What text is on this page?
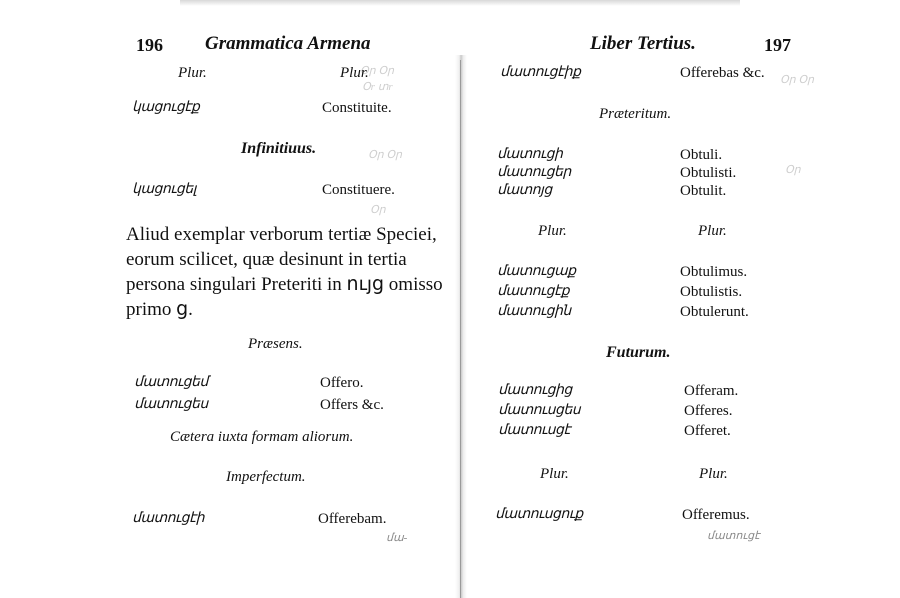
Օր Օր
Օr տr
Օր Օր
Օր
Օր Օր
Օր
196 Grammatica Armena
Plur.	Plur.
կացուցէք	Constituite.
Infinitiuus.
կացուցել	Constituere.
Aliud exemplar verborum tertiæ Speciei, eorum scilicet, quæ desinunt in tertia persona singulari Preteriti in ույց omisso primo ց.
Præsens.
մատուցեմ	Offero.
մատուցես	Offers &c.
Cætera iuxta formam aliorum.
Imperfectum.
մատուցէի	Offerebam.
մա-
Liber Tertius.	197
մատուցէիք	Offerebas &c.
Præteritum.
մատուցի	Obtuli.
մատուցեր	Obtulisti.
մատոյց	Obtulit.
Plur.	Plur.
մատուցաք	Obtulimus.
մատուցէք	Obtulistis.
մատուցին	Obtulerunt.
Futurum.
մատուցից	Offeram.
մատուսցես	Offeres.
մատուսցէ	Offeret.
Plur.	Plur.
մատուսցուք	Offeremus.
մատուցէ
